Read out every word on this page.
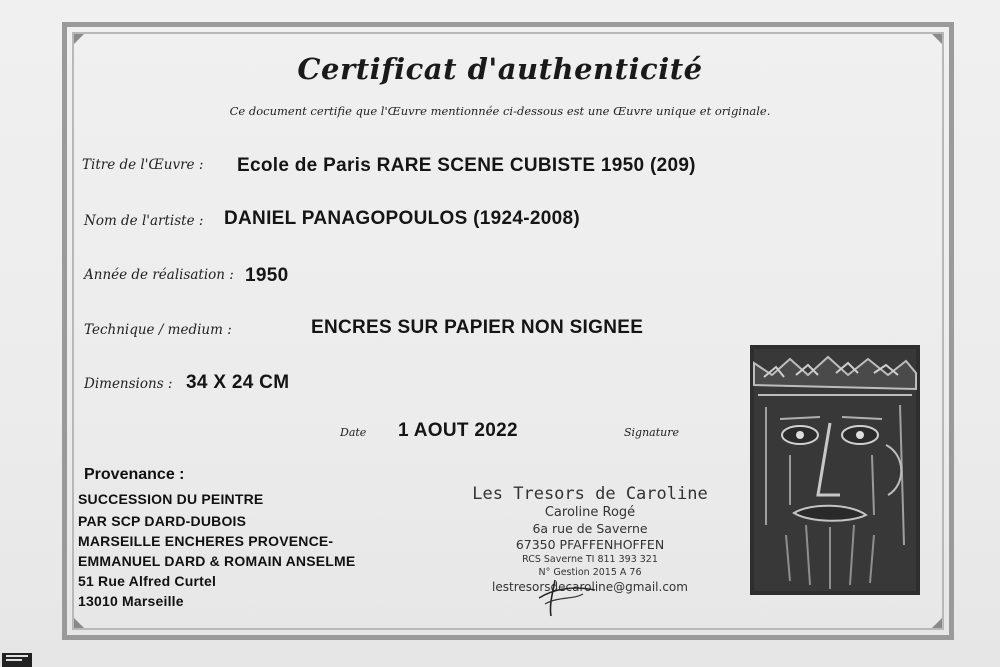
Certificat d'authenticité
Ce document certifie que l'Œuvre mentionnée ci-dessous est une Œuvre unique et originale.
Titre de l'Œuvre : Ecole de Paris RARE SCENE CUBISTE 1950 (209)
Nom de l'artiste : DANIEL PANAGOPOULOS (1924-2008)
Année de réalisation : 1950
Technique / medium :	ENCRES SUR PAPIER NON SIGNEE
Dimensions : 34 X 24 CM
Date 1 AOUT 2022	Signature
Provenance :
SUCCESSION DU PEINTRE
PAR SCP DARD-DUBOIS
MARSEILLE ENCHERES PROVENCE-
EMMANUEL DARD & ROMAIN ANSELME
51 Rue Alfred Curtel
13010 Marseille
Les Tresors de Caroline
Caroline Rogé
6a rue de Saverne
67350 PFAFFENHOFFEN
RCS Saverne TI 811 393 321
N° Gestion 2015 A 76
lestresorsdecaroline@gmail.com
